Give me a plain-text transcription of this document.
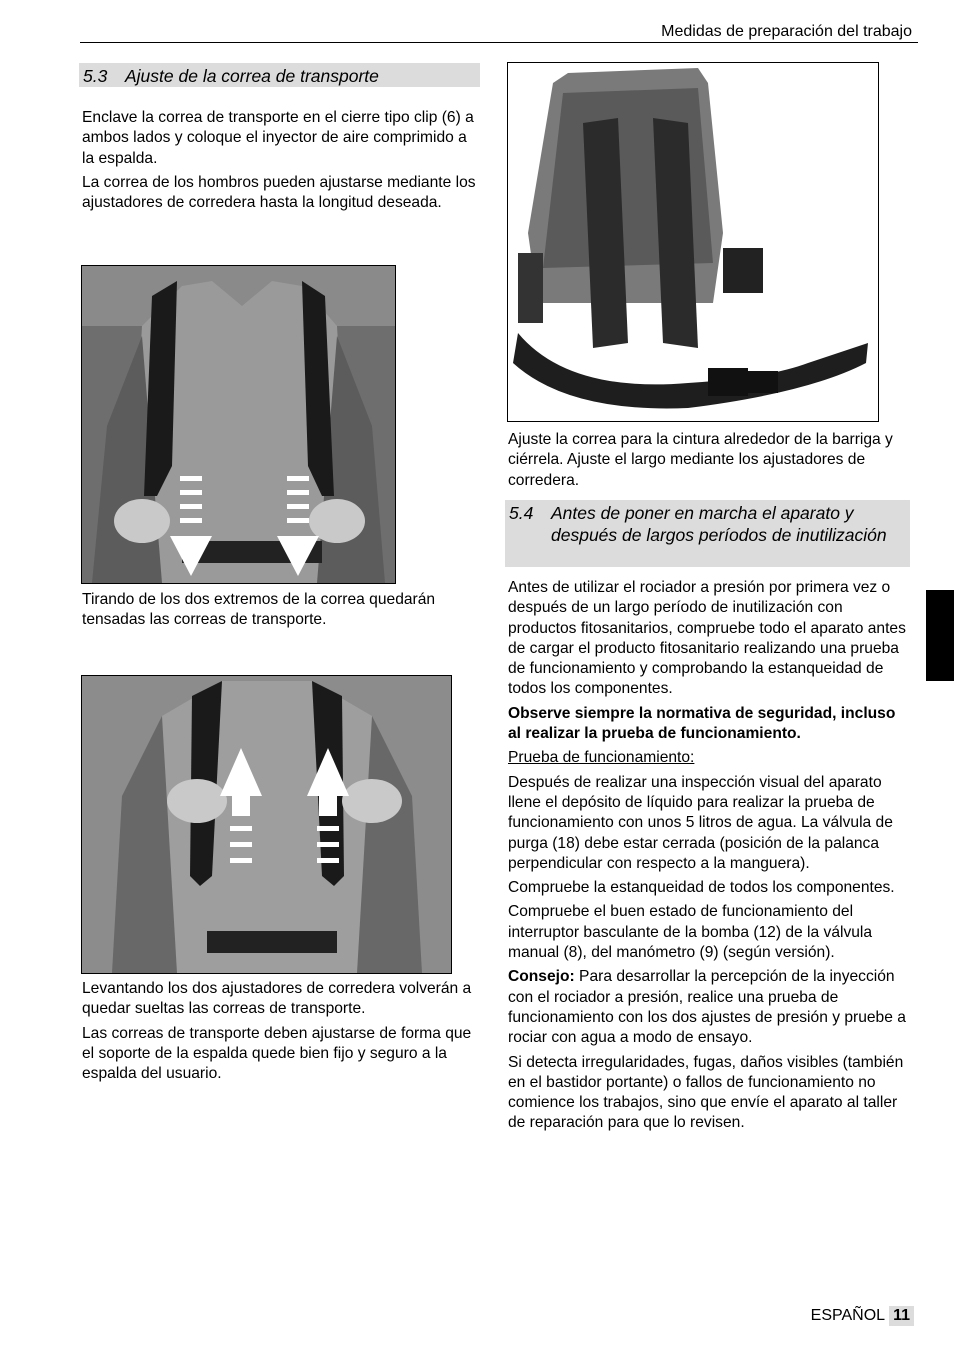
Medidas de preparación del trabajo
5.3 Ajuste de la correa de transporte

Enclave la correa de transporte en el cierre tipo clip (6) a ambos lados y coloque el inyector de aire comprimido a la espalda.

La correa de los hombros pueden ajustarse mediante los ajustadores de corredera hasta la longitud deseada.

Tirando de los dos extremos de la correa quedarán tensadas las correas de transporte.

Levantando los dos ajustadores de corredera volverán a quedar sueltas las correas de transporte.

Las correas de transporte deben ajustarse de forma que el soporte de la espalda quede bien fijo y seguro a la espalda del usuario.

Ajuste la correa para la cintura alrededor de la barriga y ciérrela. Ajuste el largo mediante los ajustadores de corredera.

5.4 Antes de poner en marcha el aparato y después de largos períodos de inutilización

Antes de utilizar el rociador a presión por primera vez o después de un largo período de inutilización con productos fitosanitarios, compruebe todo el aparato antes de cargar el producto fitosanitario realizando una prueba de funcionamiento y comprobando la estanqueidad de todos los componentes.

Observe siempre la normativa de seguridad, incluso al realizar la prueba de funcionamiento.

Prueba de funcionamiento:

Después de realizar una inspección visual del aparato llene el depósito de líquido para realizar la prueba de funcionamiento con unos 5 litros de agua. La válvula de purga (18) debe estar cerrada (posición de la palanca perpendicular con respecto a la manguera).

Compruebe la estanqueidad de todos los componentes.

Compruebe el buen estado de funcionamiento del interruptor basculante de la bomba (12) de la válvula manual (8), del manómetro (9) (según versión).

Consejo: Para desarrollar la percepción de la inyección con el rociador a presión, realice una prueba de funcionamiento con los dos ajustes de presión y pruebe a rociar con agua a modo de ensayo.

Si detecta irregularidades, fugas, daños visibles (también en el bastidor portante) o fallos de funcionamiento no comience los trabajos, sino que envíe el aparato al taller de reparación para que lo revisen.

ESPAÑOL 11
